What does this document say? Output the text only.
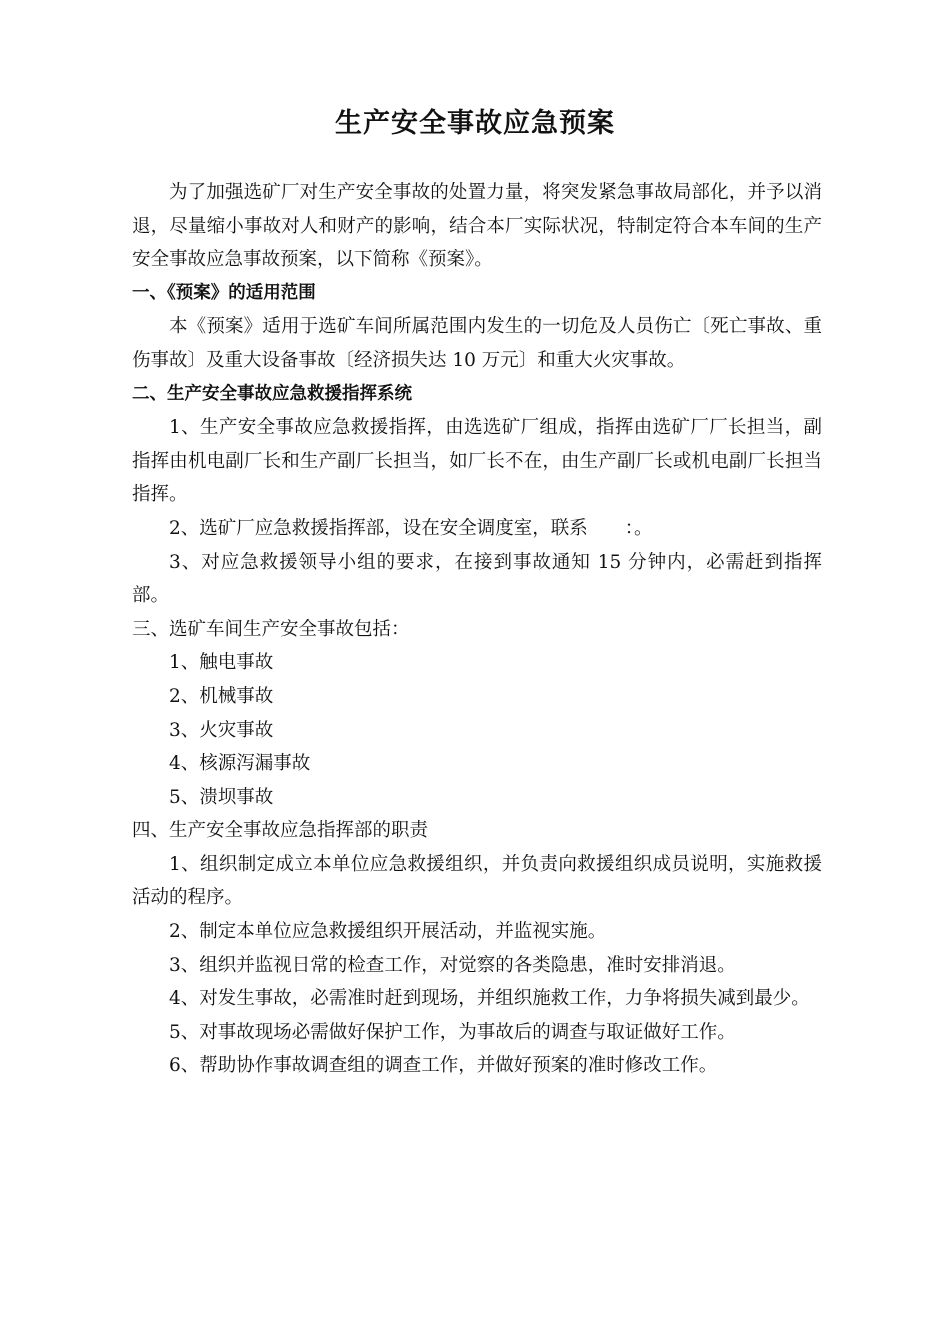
生产安全事故应急预案

为了加强选矿厂对生产安全事故的处置力量，将突发紧急事故局部化，并予以消退，尽量缩小事故对人和财产的影响，结合本厂实际状况，特制定符合本车间的生产安全事故应急事故预案，以下简称《预案》。

一、《预案》的适用范围

本《预案》适用于选矿车间所属范围内发生的一切危及人员伤亡〔死亡事故、重伤事故〕及重大设备事故〔经济损失达 10 万元〕和重大火灾事故。

二、生产安全事故应急救援指挥系统

1、生产安全事故应急救援指挥，由选选矿厂组成，指挥由选矿厂厂长担当，副指挥由机电副厂长和生产副厂长担当，如厂长不在，由生产副厂长或机电副厂长担当指挥。

2、选矿厂应急救援指挥部，设在安全调度室，联系　　：。

3、对应急救援领导小组的要求，在接到事故通知 15 分钟内，必需赶到指挥部。

三、选矿车间生产安全事故包括：

1、触电事故

2、机械事故

3、火灾事故

4、核源泻漏事故

5、溃坝事故

四、生产安全事故应急指挥部的职责

1、组织制定成立本单位应急救援组织，并负责向救援组织成员说明，实施救援活动的程序。

2、制定本单位应急救援组织开展活动，并监视实施。

3、组织并监视日常的检查工作，对觉察的各类隐患，准时安排消退。

4、对发生事故，必需准时赶到现场，并组织施救工作，力争将损失减到最少。

5、对事故现场必需做好保护工作，为事故后的调查与取证做好工作。

6、帮助协作事故调查组的调查工作，并做好预案的准时修改工作。
